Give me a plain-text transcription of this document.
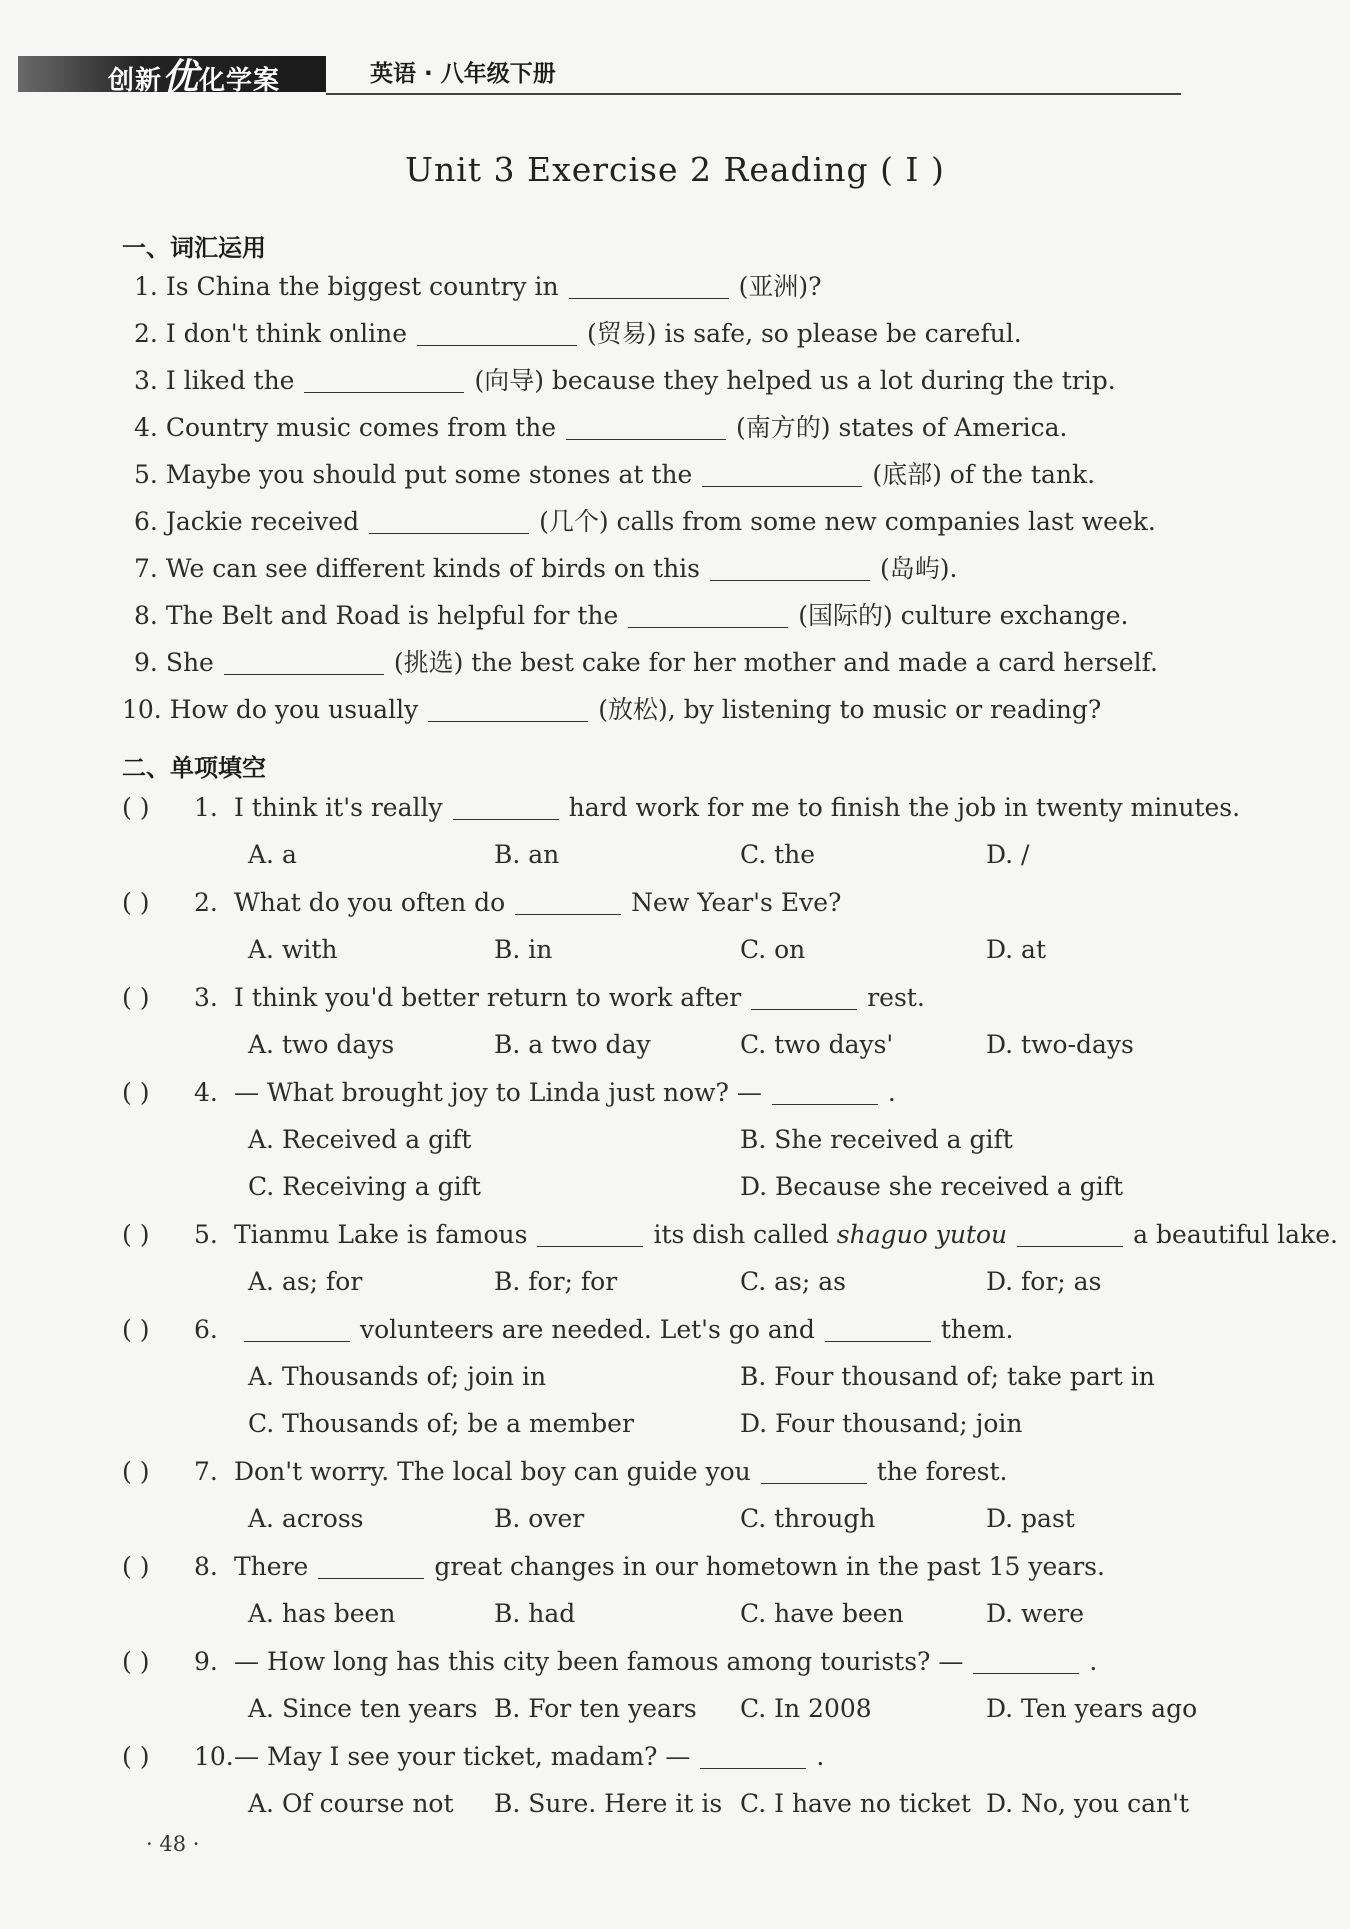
创新优化学案	英语 · 八年级下册
Unit 3 Exercise 2 Reading ( Ⅰ )
一、词汇运用
1. Is China the biggest country in	(亚洲)?
2. I don't think online	(贸易) is safe, so please be careful.
3. I liked the	(向导) because they helped us a lot during the trip.
4. Country music comes from the	(南方的) states of America.
5. Maybe you should put some stones at the	(底部) of the tank.
6. Jackie received	(几个) calls from some new companies last week.
7. We can see different kinds of birds on this	(岛屿).
8. The Belt and Road is helpful for the	(国际的) culture exchange.
9. She	(挑选) the best cake for her mother and made a card herself.
10. How do you usually	(放松), by listening to music or reading?
二、单项填空
( ) 1. I think it's really	hard work for me to finish the job in twenty minutes.
A. a	B. an	C. the	D. /
( ) 2. What do you often do	New Year's Eve?
A. with	B. in	C. on	D. at
( ) 3. I think you'd better return to work after	rest.
A. two days	B. a two day	C. two days'	D. two-days
( ) 4. — What brought joy to Linda just now? —	.
A. Received a gift	B. She received a gift
C. Receiving a gift	D. Because she received a gift
( ) 5. Tianmu Lake is famous	its dish called shaguo yutou	a beautiful lake.
A. as; for	B. for; for	C. as; as	D. for; as
( ) 6.	volunteers are needed. Let's go and	them.
A. Thousands of; join in	B. Four thousand of; take part in
C. Thousands of; be a member	D. Four thousand; join
( ) 7. Don't worry. The local boy can guide you	the forest.
A. across	B. over	C. through	D. past
( ) 8. There	great changes in our hometown in the past 15 years.
A. has been	B. had	C. have been	D. were
( ) 9. — How long has this city been famous among tourists? —	.
A. Since ten years B. For ten years C. In 2008	D. Ten years ago
( ) 10.— May I see your ticket, madam? —	.
A. Of course not B. Sure. Here it is C. I have no ticket D. No, you can't
· 48 ·
